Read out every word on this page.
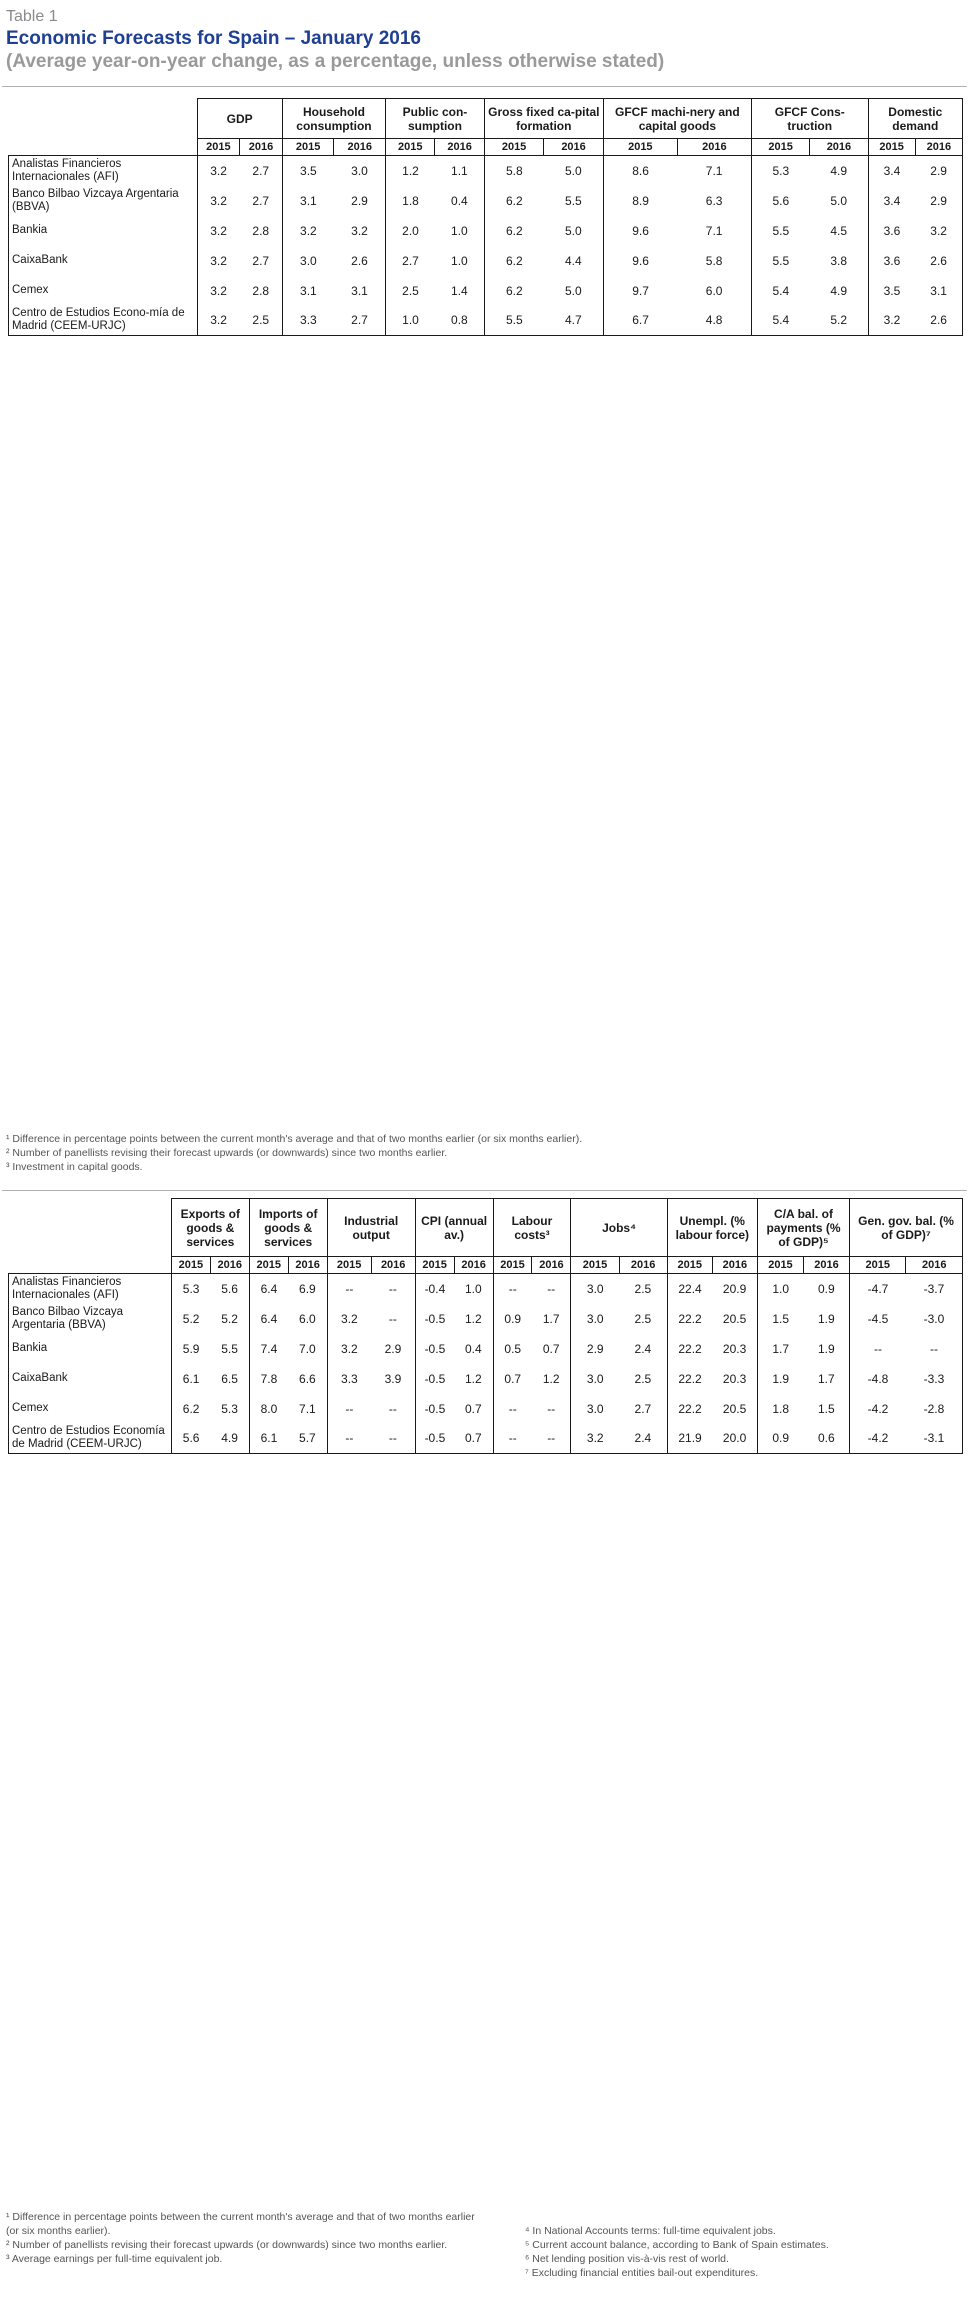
Table 1
Economic Forecasts for Spain – January 2016
(Average year-on-year change, as a percentage, unless otherwise stated)
	GDP		Household consumption		Public con-sumption		Gross fixed ca-pital formation		GFCF machi-nery and capital goods		GFCF Cons-truction		Domestic demand	
	2015	2016	2015	2016	2015	2016	2015	2016	2015	2016	2015	2016	2015	2016
Analistas Financieros Internacionales (AFI)	3.2	2.7	3.5	3.0	1.2	1.1	5.8	5.0	8.6	7.1	5.3	4.9	3.4	2.9
Banco Bilbao Vizcaya Argentaria (BBVA)	3.2	2.7	3.1	2.9	1.8	0.4	6.2	5.5	8.9	6.3	5.6	5.0	3.4	2.9
Bankia	3.2	2.8	3.2	3.2	2.0	1.0	6.2	5.0	9.6	7.1	5.5	4.5	3.6	3.2
CaixaBank	3.2	2.7	3.0	2.6	2.7	1.0	6.2	4.4	9.6	5.8	5.5	3.8	3.6	2.6
Cemex	3.2	2.8	3.1	3.1	2.5	1.4	6.2	5.0	9.7	6.0	5.4	4.9	3.5	3.1
Centro de Estudios Econo-mía de Madrid (CEEM-URJC)	3.2	2.5	3.3	2.7	1.0	0.8	5.5	4.7	6.7	4.8	5.4	5.2	3.2	2.6
¹ Difference in percentage points between the current month's average and that of two months earlier (or six months earlier).
² Number of panellists revising their forecast upwards (or downwards) since two months earlier.
³ Investment in capital goods.
	Exports of goods & services		Imports of goods & services		Industrial output		CPI (annual av.)		Labour costs³		Jobs⁴		Unempl. (% labour force)		C/A bal. of payments (% of GDP)⁵		Gen. gov. bal. (% of GDP)⁷	
	2015	2016	2015	2016	2015	2016	2015	2016	2015	2016	2015	2016	2015	2016	2015	2016	2015	2016
Analistas Financieros Internacionales (AFI)	5.3	5.6	6.4	6.9	--	--	-0.4	1.0	--	--	3.0	2.5	22.4	20.9	1.0	0.9	-4.7	-3.7
Banco Bilbao Vizcaya Argentaria (BBVA)	5.2	5.2	6.4	6.0	3.2	--	-0.5	1.2	0.9	1.7	3.0	2.5	22.2	20.5	1.5	1.9	-4.5	-3.0
Bankia	5.9	5.5	7.4	7.0	3.2	2.9	-0.5	0.4	0.5	0.7	2.9	2.4	22.2	20.3	1.7	1.9	--	--
CaixaBank	6.1	6.5	7.8	6.6	3.3	3.9	-0.5	1.2	0.7	1.2	3.0	2.5	22.2	20.3	1.9	1.7	-4.8	-3.3
Cemex	6.2	5.3	8.0	7.1	--	--	-0.5	0.7	--	--	3.0	2.7	22.2	20.5	1.8	1.5	-4.2	-2.8
Centro de Estudios Economía de Madrid (CEEM-URJC)	5.6	4.9	6.1	5.7	--	--	-0.5	0.7	--	--	3.2	2.4	21.9	20.0	0.9	0.6	-4.2	-3.1
¹ Difference in percentage points between the current month's average and that of two months earlier (or six months earlier).
² Number of panellists revising their forecast upwards (or downwards) since two months earlier.
³ Average earnings per full-time equivalent job.
⁴ In National Accounts terms: full-time equivalent jobs.
⁵ Current account balance, according to Bank of Spain estimates.
⁶ Net lending position vis-à-vis rest of world.
⁷ Excluding financial entities bail-out expenditures.
